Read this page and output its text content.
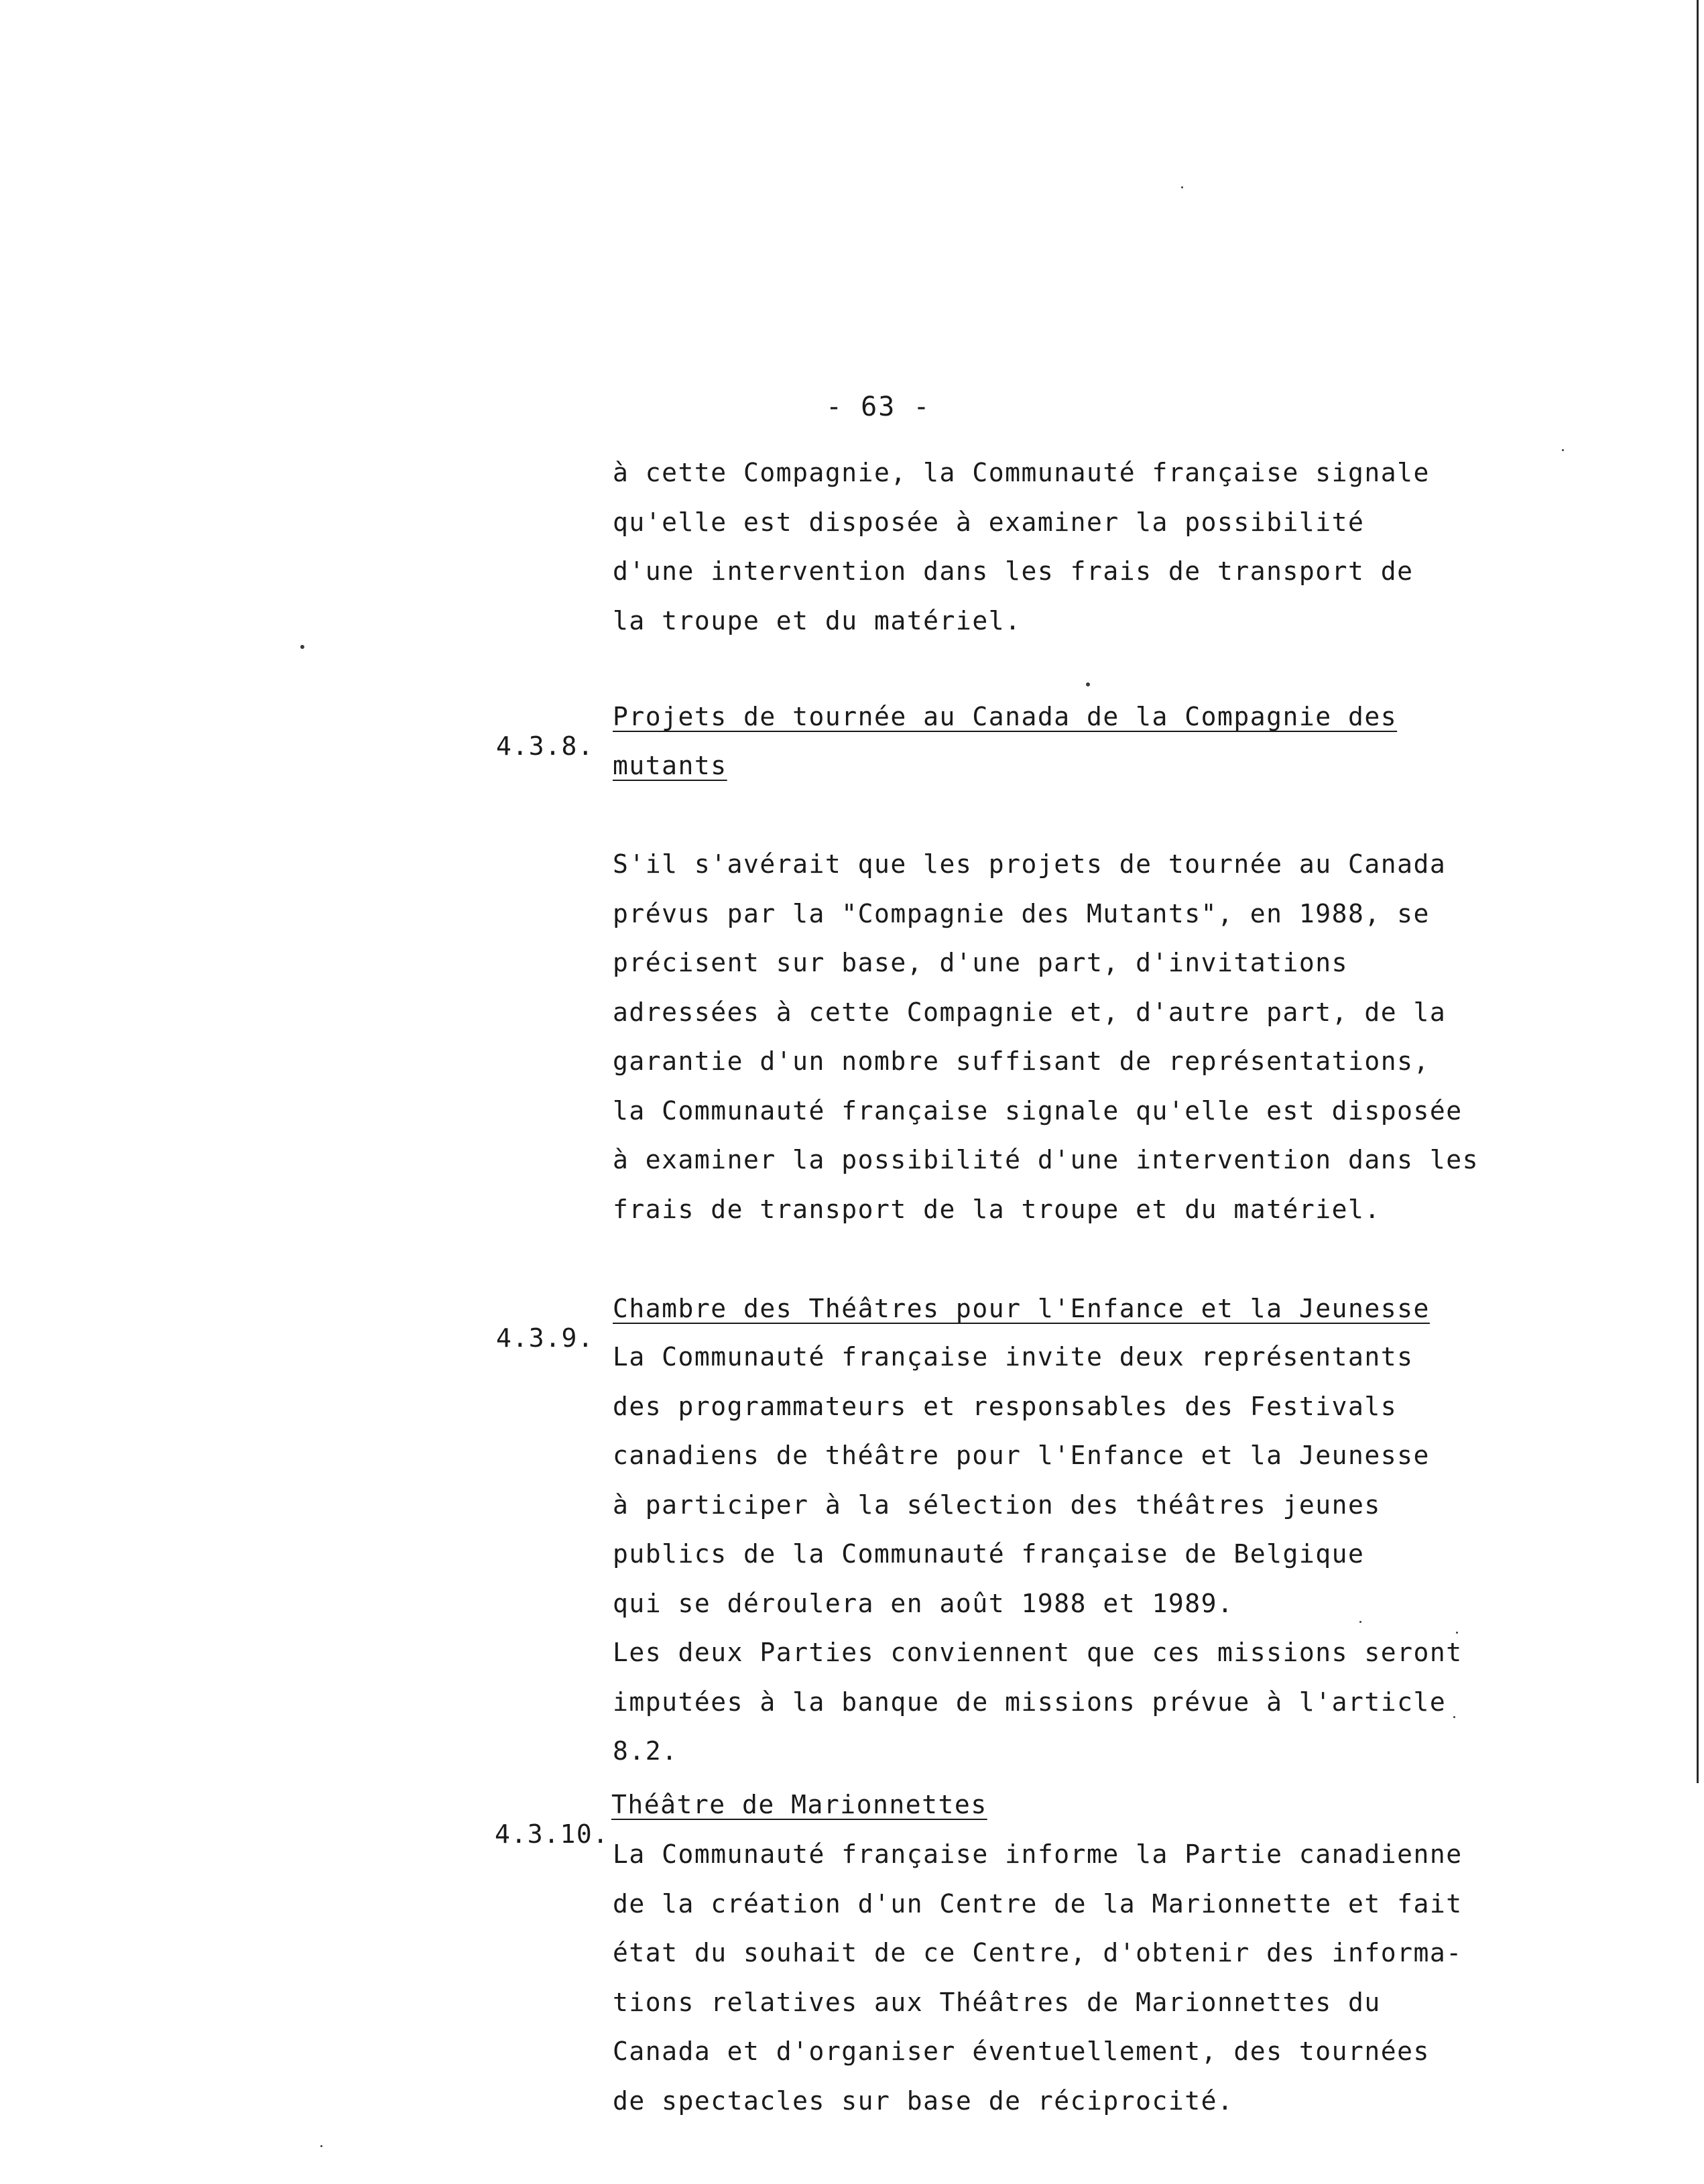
- 63 -
à cette Compagnie, la Communauté française signale
qu'elle est disposée à examiner la possibilité
d'une intervention dans les frais de transport de
la troupe et du matériel.

4.3.8.

Projets de tournée au Canada de la Compagnie des

mutants

S'il s'avérait que les projets de tournée au Canada
prévus par la "Compagnie des Mutants", en 1988, se
précisent sur base, d'une part, d'invitations
adressées à cette Compagnie et, d'autre part, de la
garantie d'un nombre suffisant de représentations,
la Communauté française signale qu'elle est disposée
à examiner la possibilité d'une intervention dans les
frais de transport de la troupe et du matériel.

4.3.9.

Chambre des Théâtres pour l'Enfance et la Jeunesse

La Communauté française invite deux représentants
des programmateurs et responsables des Festivals
canadiens de théâtre pour l'Enfance et la Jeunesse
à participer à la sélection des théâtres jeunes
publics de la Communauté française de Belgique
qui se déroulera en août 1988 et 1989.
Les deux Parties conviennent que ces missions seront
imputées à la banque de missions prévue à l'article
8.2.

4.3.10.

Théâtre de Marionnettes

La Communauté française informe la Partie canadienne
de la création d'un Centre de la Marionnette et fait
état du souhait de ce Centre, d'obtenir des informa-
tions relatives aux Théâtres de Marionnettes du
Canada et d'organiser éventuellement, des tournées
de spectacles sur base de réciprocité.
